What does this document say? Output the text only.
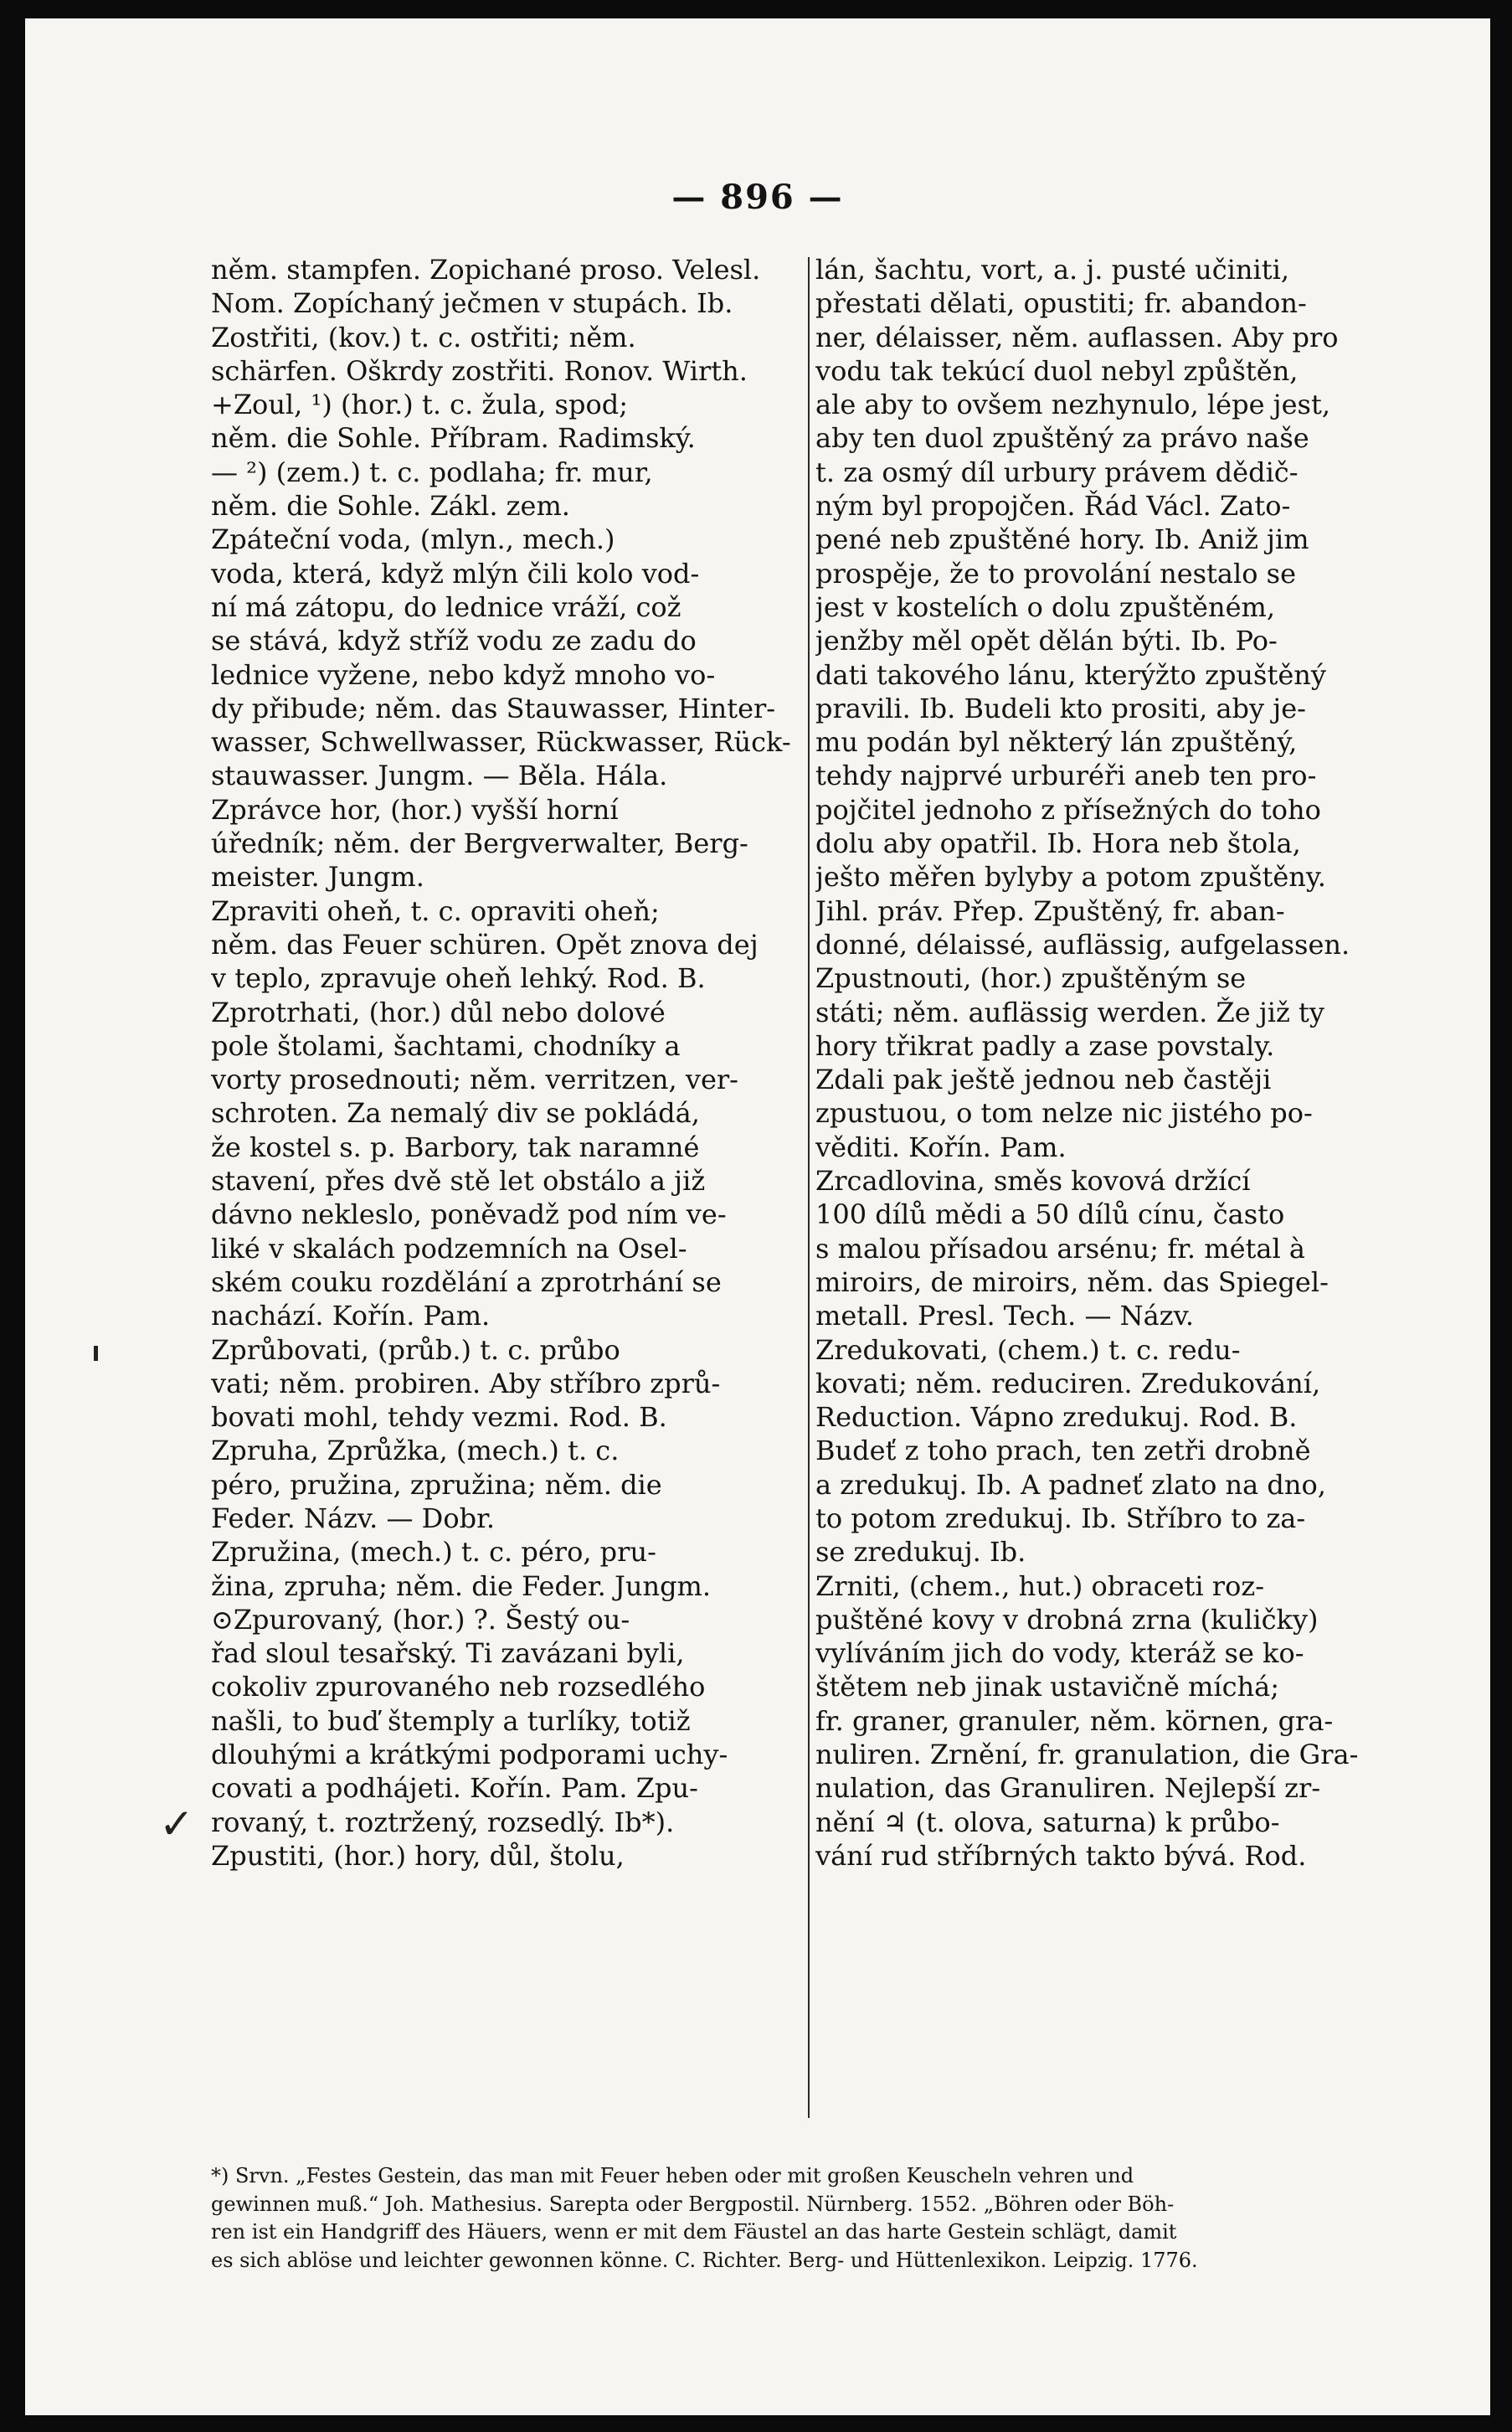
— 896 —

něm. stampfen. Zopichané proso. Velesl.

Nom. Zopíchaný ječmen v stupách. Ib.

Zostřiti, (kov.) t. c. ostřiti; něm.

schärfen. Oškrdy zostřiti. Ronov. Wirth.

+Zoul, ¹) (hor.) t. c. žula, spod;

něm. die Sohle. Příbram. Radimský.

— ²) (zem.) t. c. podlaha; fr. mur,

něm. die Sohle. Zákl. zem.

Zpáteční voda, (mlyn., mech.)

voda, která, když mlýn čili kolo vod-

ní má zátopu, do lednice vráží, což

se stává, když stříž vodu ze zadu do

lednice vyžene, nebo když mnoho vo-

dy přibude; něm. das Stauwasser, Hinter-

wasser, Schwellwasser, Rückwasser, Rück-

stauwasser. Jungm. — Běla. Hála.

Zprávce hor, (hor.) vyšší horní

úředník; něm. der Bergverwalter, Berg-

meister. Jungm.

Zpraviti oheň, t. c. opraviti oheň;

něm. das Feuer schüren. Opět znova dej

v teplo, zpravuje oheň lehký. Rod. B.

Zprotrhati, (hor.) důl nebo dolové

pole štolami, šachtami, chodníky a

vorty prosednouti; něm. verritzen, ver-

schroten. Za nemalý div se pokládá,

že kostel s. p. Barbory, tak naramné

stavení, přes dvě stě let obstálo a již

dávno nekleslo, poněvadž pod ním ve-

liké v skalách podzemních na Osel-

ském couku rozdělání a zprotrhání se

nachází. Kořín. Pam.

Zprůbovati, (průb.) t. c. průbo

vati; něm. probiren. Aby stříbro zprů-

bovati mohl, tehdy vezmi. Rod. B.

Zpruha, Zprůžka, (mech.) t. c.

péro, pružina, zpružina; něm. die

Feder. Názv. — Dobr.

Zpružina, (mech.) t. c. péro, pru-

žina, zpruha; něm. die Feder. Jungm.

⊙Zpurovaný, (hor.) ?. Šestý ou-

řad sloul tesařský. Ti zavázani byli,

cokoliv zpurovaného neb rozsedlého

našli, to buď štemply a turlíky, totiž

dlouhými a krátkými podporami uchy-

covati a podhájeti. Kořín. Pam. Zpu-

rovaný, t. roztržený, rozsedlý. Ib*).

Zpustiti, (hor.) hory, důl, štolu,

lán, šachtu, vort, a. j. pusté učiniti,

přestati dělati, opustiti; fr. abandon-

ner, délaisser, něm. auflassen. Aby pro

vodu tak tekúcí duol nebyl způštěn,

ale aby to ovšem nezhynulo, lépe jest,

aby ten duol zpuštěný za právo naše

t. za osmý díl urbury právem dědič-

ným byl propojčen. Řád Václ. Zato-

pené neb zpuštěné hory. Ib. Aniž jim

prospěje, že to provolání nestalo se

jest v kostelích o dolu zpuštěném,

jenžby měl opět dělán býti. Ib. Po-

dati takového lánu, kterýžto zpuštěný

pravili. Ib. Budeli kto prositi, aby je-

mu podán byl některý lán zpuštěný,

tehdy najprvé urburéři aneb ten pro-

pojčitel jednoho z přísežných do toho

dolu aby opatřil. Ib. Hora neb štola,

ješto měřen bylyby a potom zpuštěny.

Jihl. práv. Přep. Zpuštěný, fr. aban-

donné, délaissé, auflässig, aufgelassen.

Zpustnouti, (hor.) zpuštěným se

státi; něm. auflässig werden. Že již ty

hory třikrat padly a zase povstaly.

Zdali pak ještě jednou neb častěji

zpustuou, o tom nelze nic jistého po-

věditi. Kořín. Pam.

Zrcadlovina, směs kovová držící

100 dílů mědi a 50 dílů cínu, často

s malou přísadou arsénu; fr. métal à

miroirs, de miroirs, něm. das Spiegel-

metall. Presl. Tech. — Názv.

Zredukovati, (chem.) t. c. redu-

kovati; něm. reduciren. Zredukování,

Reduction. Vápno zredukuj. Rod. B.

Budeť z toho prach, ten zetři drobně

a zredukuj. Ib. A padneť zlato na dno,

to potom zredukuj. Ib. Stříbro to za-

se zredukuj. Ib.

Zrniti, (chem., hut.) obraceti roz-

puštěné kovy v drobná zrna (kuličky)

vylíváním jich do vody, kteráž se ko-

štětem neb jinak ustavičně míchá;

fr. graner, granuler, něm. körnen, gra-

nuliren. Zrnění, fr. granulation, die Gra-

nulation, das Granuliren. Nejlepší zr-

nění ♃ (t. olova, saturna) k průbo-

vání rud stříbrných takto bývá. Rod.

✓

*) Srvn. „Festes Gestein, das man mit Feuer heben oder mit großen Keuscheln vehren und

gewinnen muß.“ Joh. Mathesius. Sarepta oder Bergpostil. Nürnberg. 1552. „Böhren oder Böh-

ren ist ein Handgriff des Häuers, wenn er mit dem Fäustel an das harte Gestein schlägt, damit

es sich ablöse und leichter gewonnen könne. C. Richter. Berg- und Hüttenlexikon. Leipzig. 1776.
